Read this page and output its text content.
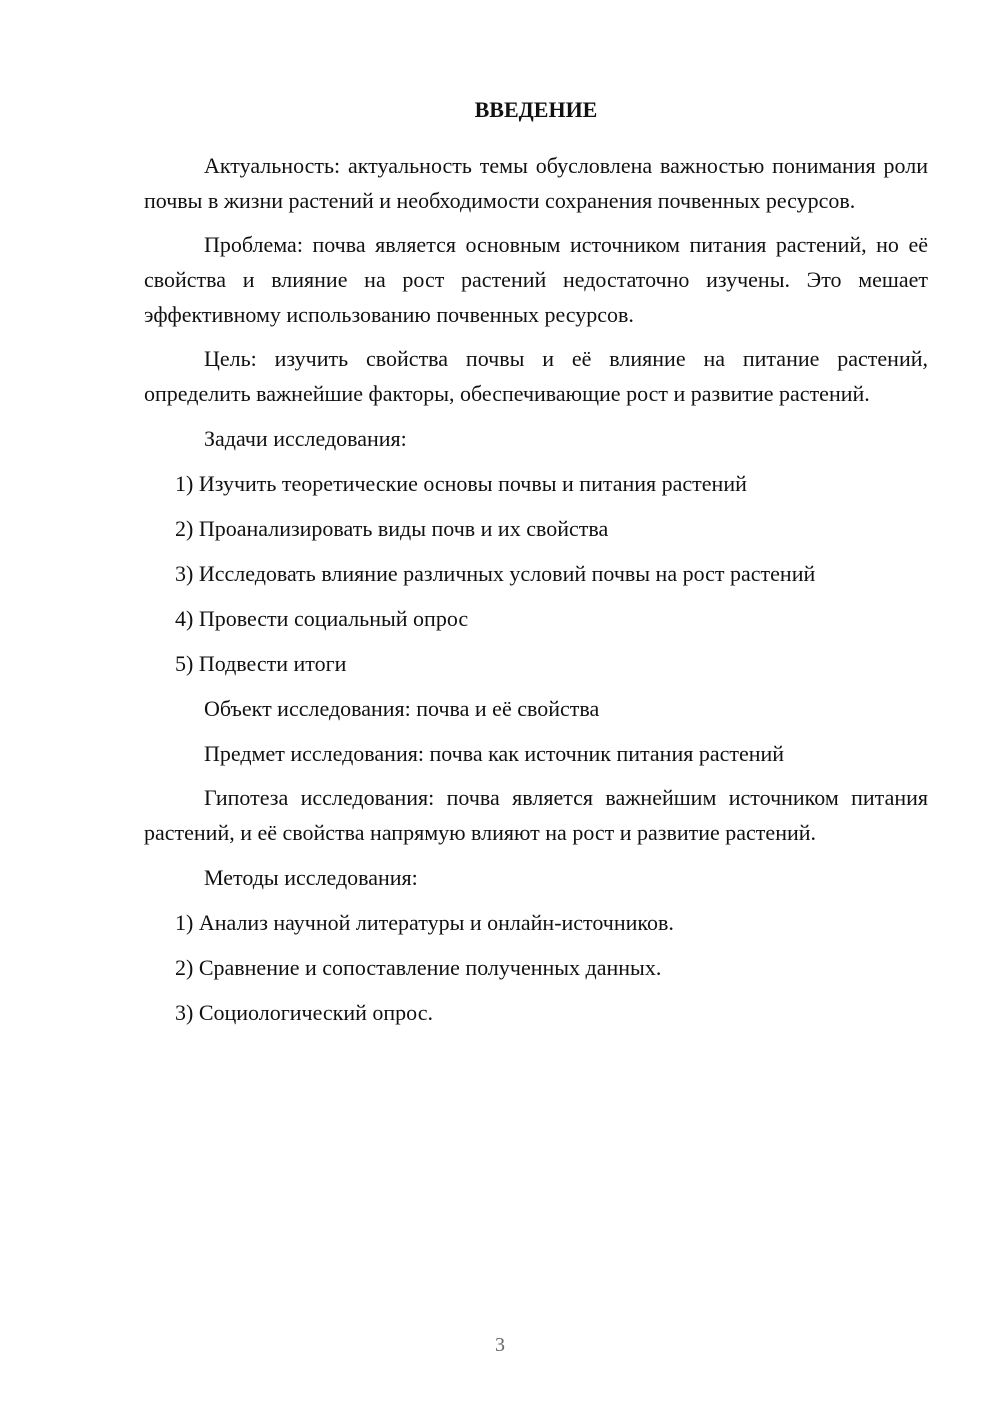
ВВЕДЕНИЕ

Актуальность: актуальность темы обусловлена важностью понимания роли почвы в жизни растений и необходимости сохранения почвенных ресурсов.

Проблема: почва является основным источником питания растений, но её свойства и влияние на рост растений недостаточно изучены. Это мешает эффективному использованию почвенных ресурсов.

Цель: изучить свойства почвы и её влияние на питание растений, определить важнейшие факторы, обеспечивающие рост и развитие растений.

Задачи исследования:

1) Изучить теоретические основы почвы и питания растений

2) Проанализировать виды почв и их свойства

3) Исследовать влияние различных условий почвы на рост растений

4) Провести социальный опрос

5) Подвести итоги

Объект исследования: почва и её свойства

Предмет исследования: почва как источник питания растений

Гипотеза исследования: почва является важнейшим источником питания растений, и её свойства напрямую влияют на рост и развитие растений.

Методы исследования:

1) Анализ научной литературы и онлайн-источников.

2) Сравнение и сопоставление полученных данных.

3) Социологический опрос.

3
